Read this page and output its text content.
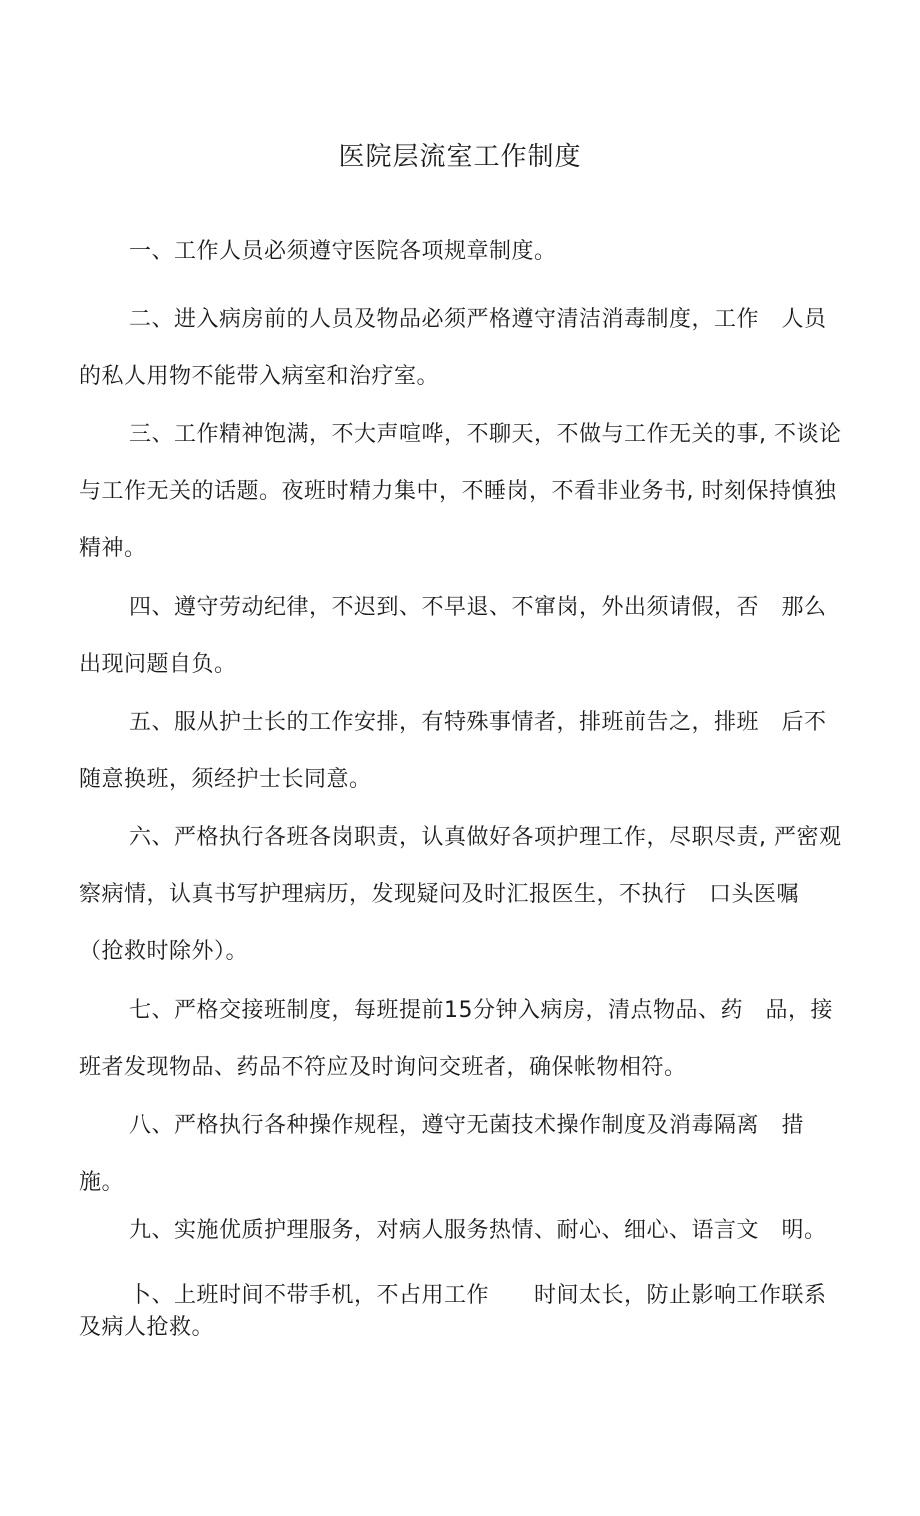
医院层流室工作制度

一、工作人员必须遵守医院各项规章制度。

二、进入病房前的人员及物品必须严格遵守清洁消毒制度，工作　人员的私人用物不能带入病室和治疗室。

三、工作精神饱满，不大声喧哗，不聊天，不做与工作无关的事, 不谈论与工作无关的话题。夜班时精力集中，不睡岗，不看非业务书, 时刻保持慎独精神。

四、遵守劳动纪律，不迟到、不早退、不窜岗，外出须请假，否　那么出现问题自负。

五、服从护士长的工作安排，有特殊事情者，排班前告之，排班　后不随意换班，须经护士长同意。

六、严格执行各班各岗职责，认真做好各项护理工作，尽职尽责, 严密观察病情，认真书写护理病历，发现疑问及时汇报医生，不执行　口头医嘱（抢救时除外）。

七、严格交接班制度，每班提前15分钟入病房，清点物品、药　品，接班者发现物品、药品不符应及时询问交班者，确保帐物相符。

八、严格执行各种操作规程，遵守无菌技术操作制度及消毒隔离　措施。

九、实施优质护理服务，对病人服务热情、耐心、细心、语言文　明。

卜、上班时间不带手机，不占用工作　　时间太长，防止影响工作联系及病人抢救。
